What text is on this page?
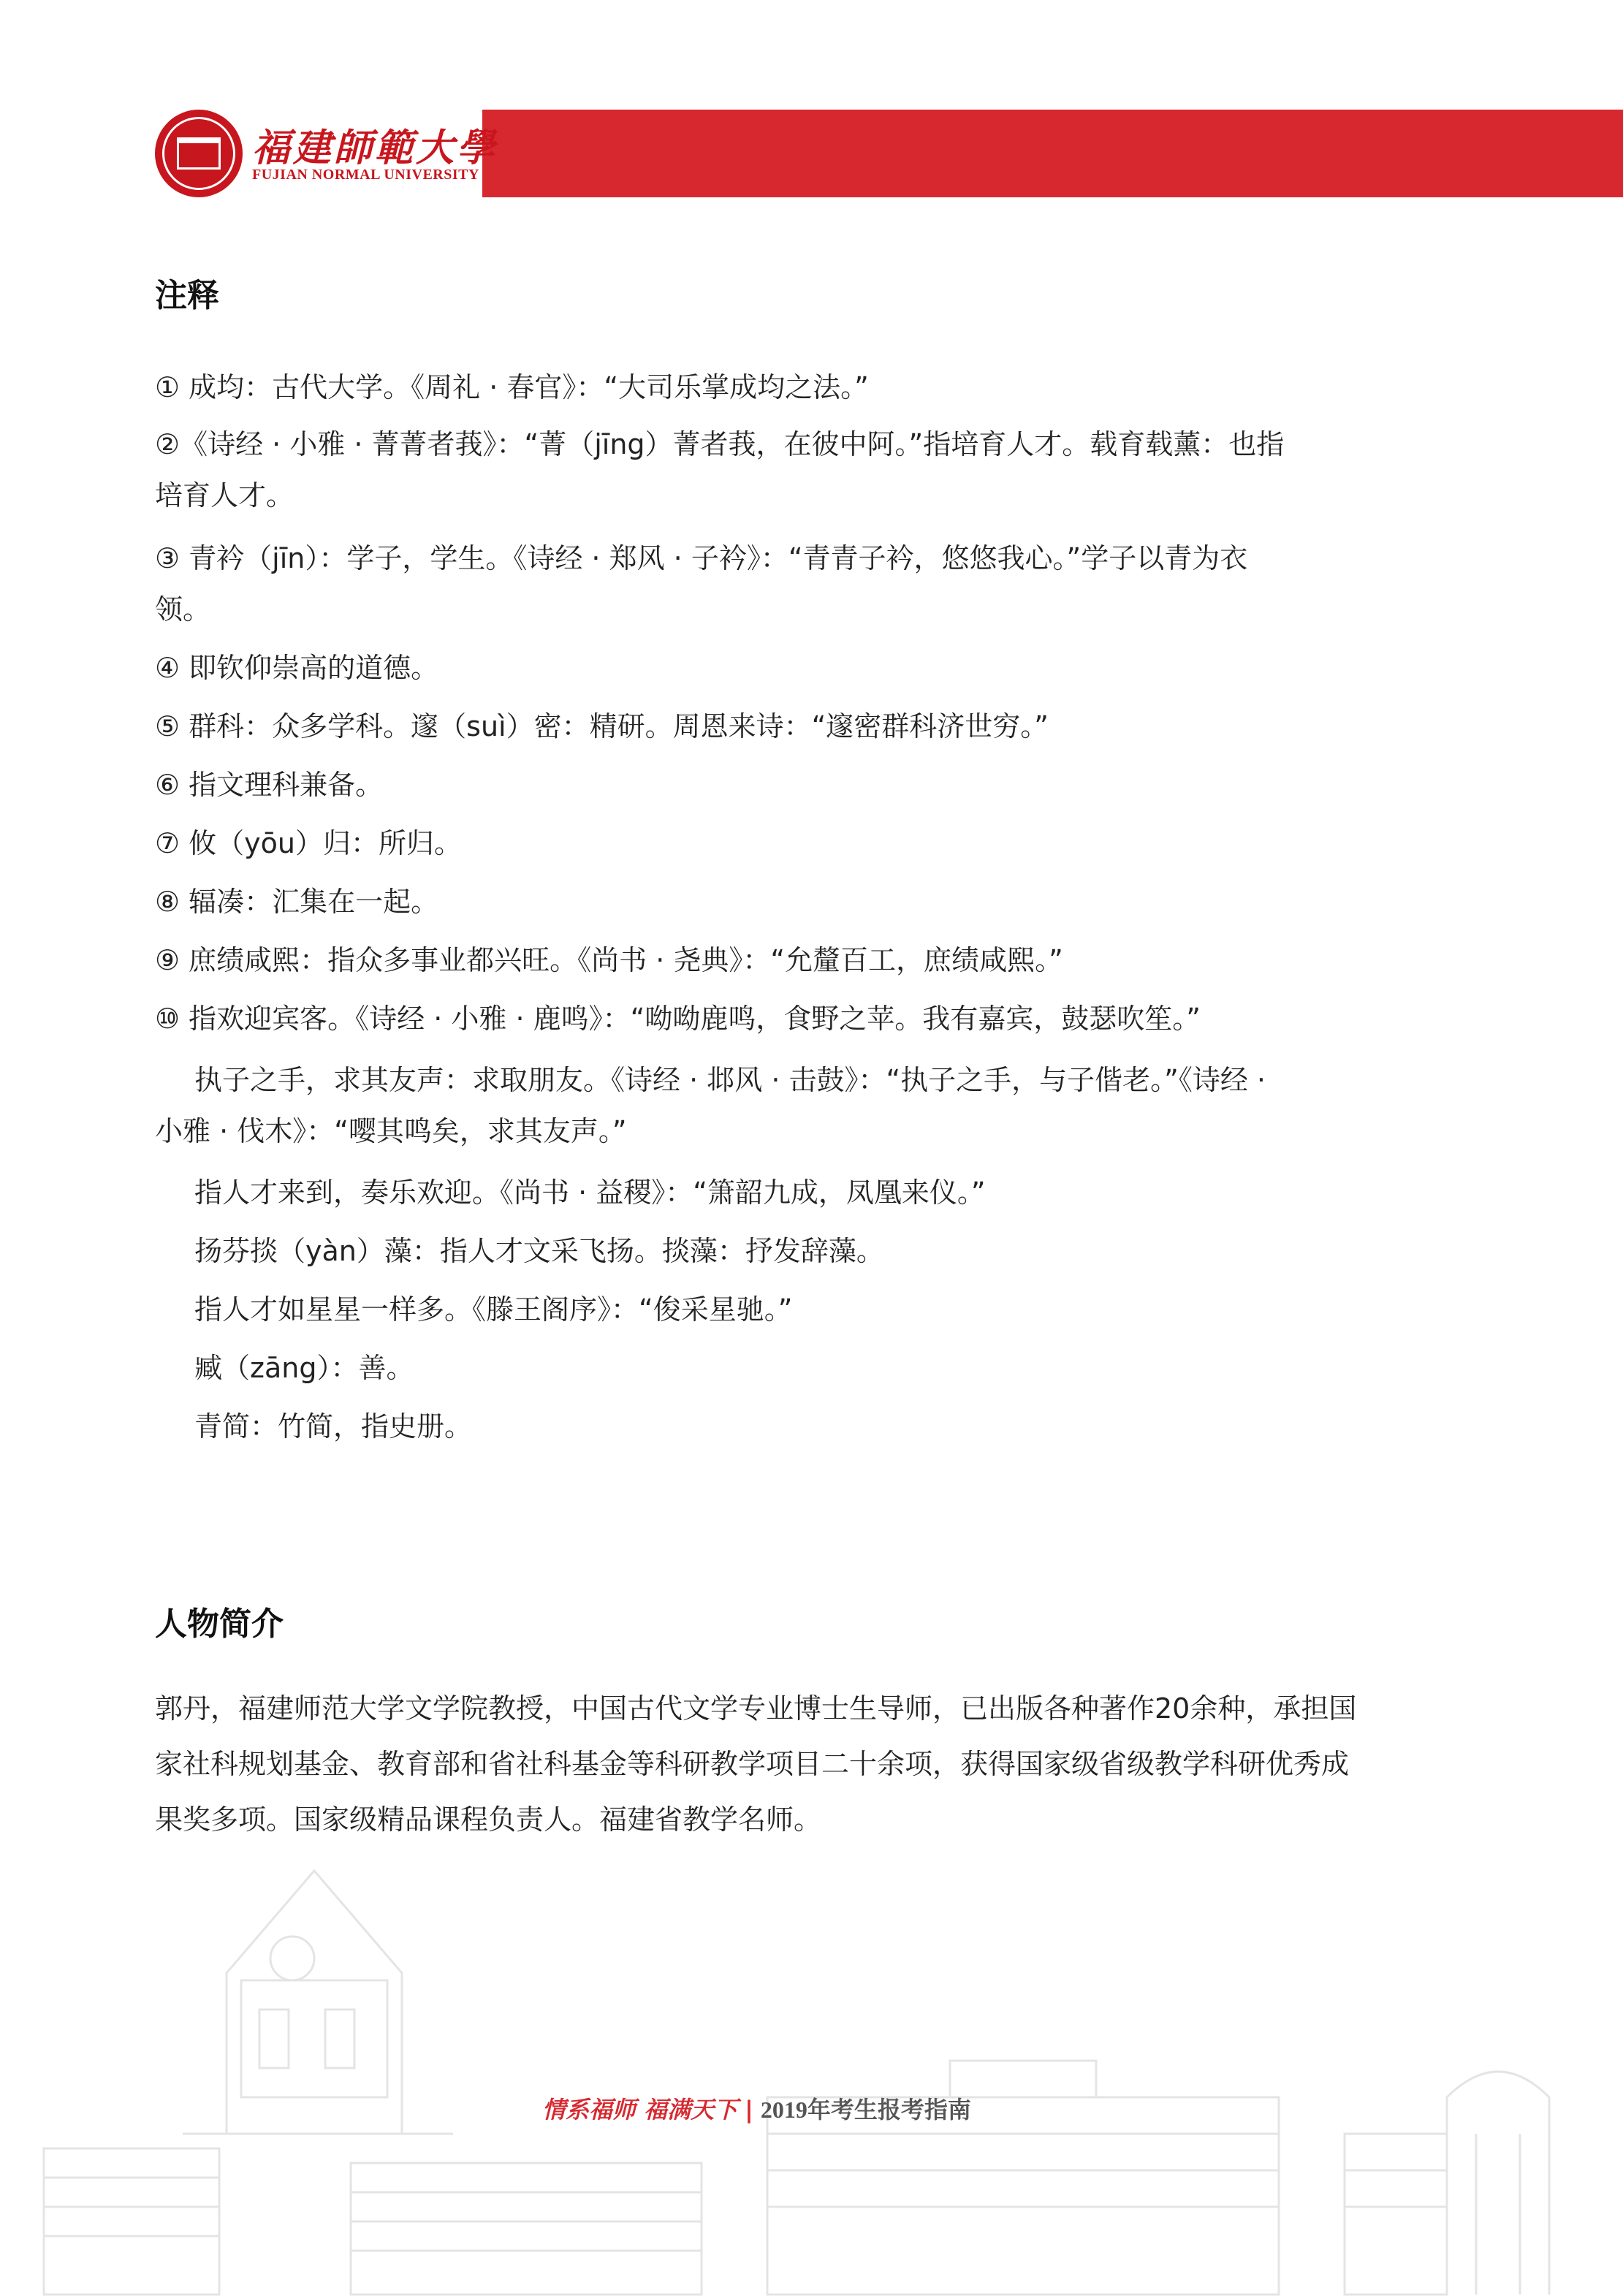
福建師範大學
FUJIAN NORMAL UNIVERSITY
注释
① 成均：古代大学。《周礼 · 春官》：“大司乐掌成均之法。”
②《诗经 · 小雅 · 菁菁者莪》：“菁（jīng）菁者莪，在彼中阿。”指培育人才。载育载薰：也指
培育人才。
③ 青衿（jīn）：学子，学生。《诗经 · 郑风 · 子衿》：“青青子衿，悠悠我心。”学子以青为衣
领。
④ 即钦仰崇高的道德。
⑤ 群科：众多学科。邃（suì）密：精研。周恩来诗：“邃密群科济世穷。”
⑥ 指文理科兼备。
⑦ 攸（yōu）归：所归。
⑧ 辐凑：汇集在一起。
⑨ 庶绩咸熙：指众多事业都兴旺。《尚书 · 尧典》：“允釐百工，庶绩咸熙。”
⑩ 指欢迎宾客。《诗经 · 小雅 · 鹿鸣》：“呦呦鹿鸣，食野之苹。我有嘉宾，鼓瑟吹笙。”
执子之手，求其友声：求取朋友。《诗经 · 邶风 · 击鼓》：“执子之手，与子偕老。”《诗经 ·
小雅 · 伐木》：“嘤其鸣矣，求其友声。”
指人才来到，奏乐欢迎。《尚书 · 益稷》：“箫韶九成，凤凰来仪。”
扬芬掞（yàn）藻：指人才文采飞扬。掞藻：抒发辞藻。
指人才如星星一样多。《滕王阁序》：“俊采星驰。”
臧（zāng）：善。
青简：竹简，指史册。
人物简介
郭丹，福建师范大学文学院教授，中国古代文学专业博士生导师，已出版各种著作20余种，承担国
家社科规划基金、教育部和省社科基金等科研教学项目二十余项，获得国家级省级教学科研优秀成
果奖多项。国家级精品课程负责人。福建省教学名师。
情系福师 福满天下 | 2019年考生报考指南
